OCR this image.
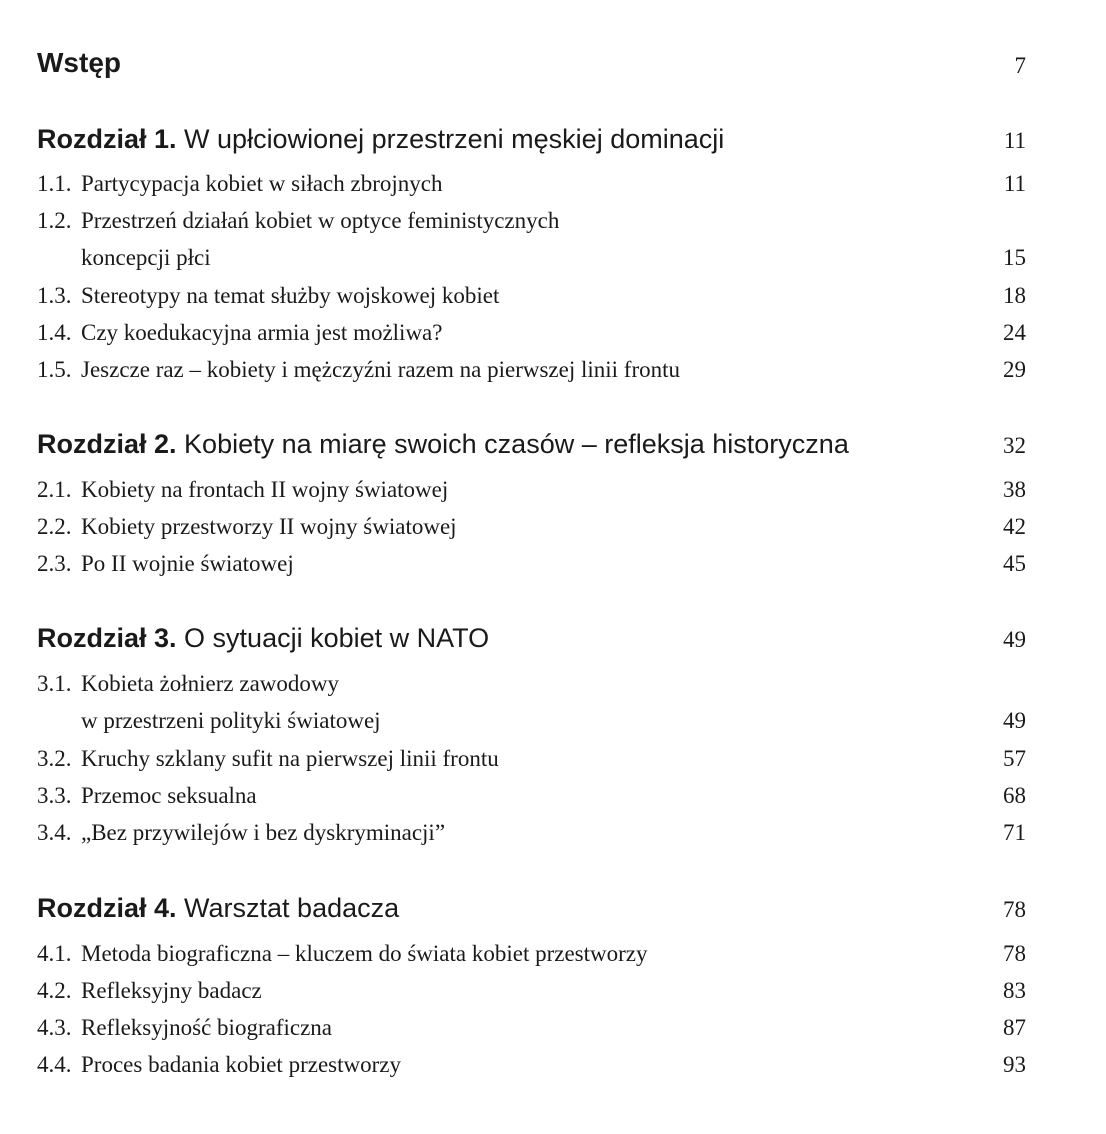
Wstęp	7
Rozdział 1. W upłciowionej przestrzeni męskiej dominacji	11
1.1. Partycypacja kobiet w siłach zbrojnych	11
1.2. Przestrzeń działań kobiet w optyce feministycznych
koncepcji płci	15
1.3. Stereotypy na temat służby wojskowej kobiet	18
1.4. Czy koedukacyjna armia jest możliwa?	24
1.5. Jeszcze raz – kobiety i mężczyźni razem na pierwszej linii frontu	29
Rozdział 2. Kobiety na miarę swoich czasów – refleksja historyczna	32
2.1. Kobiety na frontach II wojny światowej	38
2.2. Kobiety przestworzy II wojny światowej	42
2.3. Po II wojnie światowej	45
Rozdział 3. O sytuacji kobiet w NATO	49
3.1. Kobieta żołnierz zawodowy
w przestrzeni polityki światowej	49
3.2. Kruchy szklany sufit na pierwszej linii frontu	57
3.3. Przemoc seksualna	68
3.4. „Bez przywilejów i bez dyskryminacji”	71
Rozdział 4. Warsztat badacza	78
4.1. Metoda biograficzna – kluczem do świata kobiet przestworzy	78
4.2. Refleksyjny badacz	83
4.3. Refleksyjność biograficzna	87
4.4. Proces badania kobiet przestworzy	93
